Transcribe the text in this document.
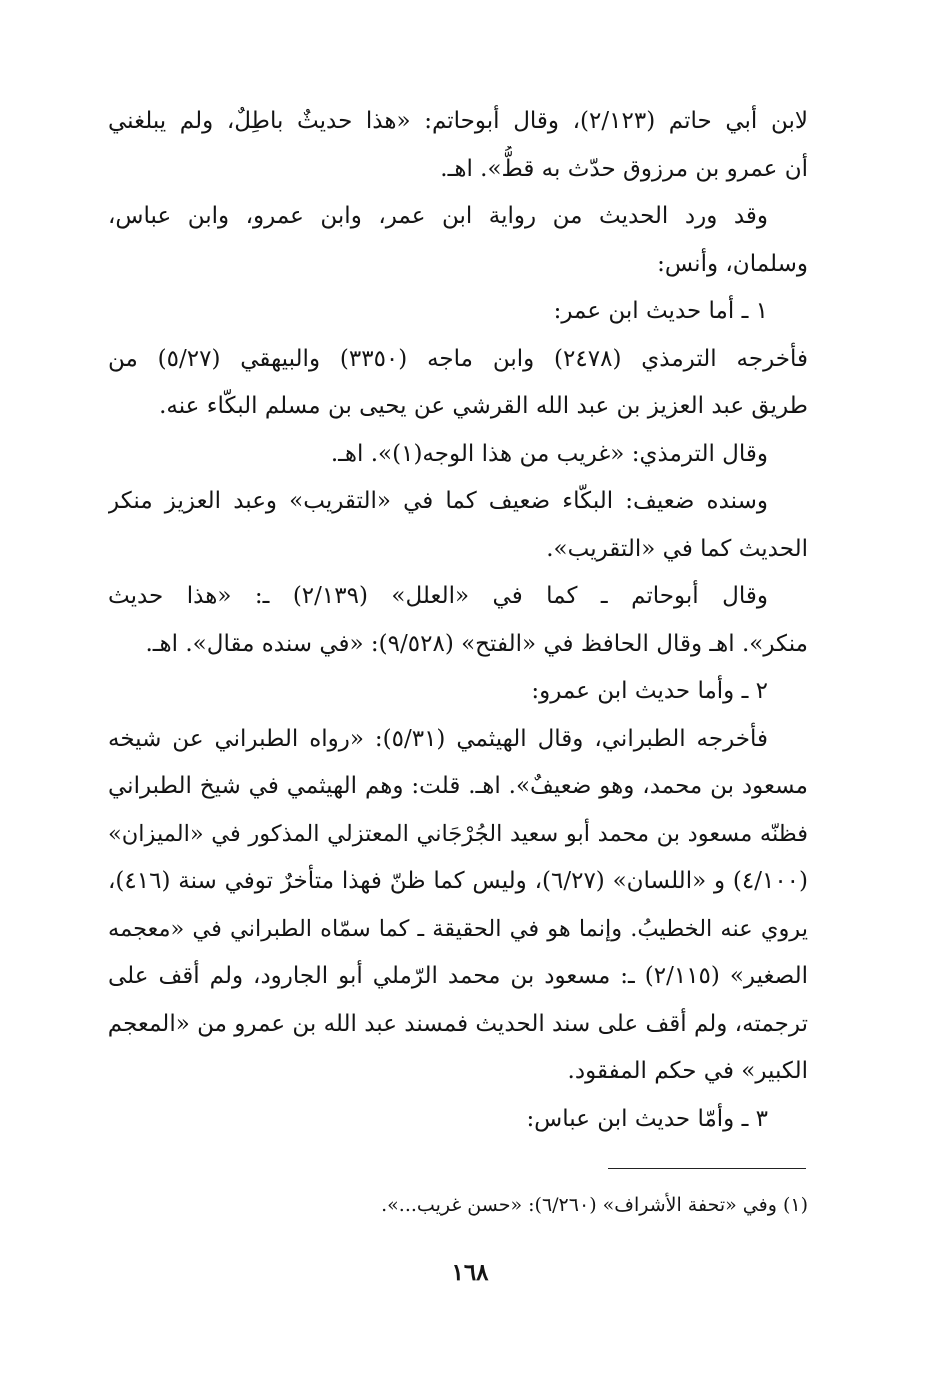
لابن أبي حاتم (٢/١٢٣)، وقال أبوحاتم: «هذا حديثٌ باطِلٌ، ولم يبلغني
أن عمرو بن مرزوق حدّث به قطُّ». اهـ.
وقد ورد الحديث من رواية ابن عمر، وابن عمرو، وابن عباس،
وسلمان، وأنس:
١ ـ أما حديث ابن عمر:
فأخرجه الترمذي (٢٤٧٨) وابن ماجه (٣٣٥٠) والبيهقي (٥/٢٧) من
طريق عبد العزيز بن عبد الله القرشي عن يحيى بن مسلم البكّاء عنه.
وقال الترمذي: «غريب من هذا الوجه(١)». اهـ.
وسنده ضعيف: البكّاء ضعيف كما في «التقريب» وعبد العزيز منكر
الحديث كما في «التقريب».
وقال أبوحاتم ـ كما في «العلل» (٢/١٣٩) ـ: «هذا حديث
منكر». اهـ وقال الحافظ في «الفتح» (٩/٥٢٨): «في سنده مقال». اهـ.
٢ ـ وأما حديث ابن عمرو:
فأخرجه الطبراني، وقال الهيثمي (٥/٣١): «رواه الطبراني عن شيخه
مسعود بن محمد، وهو ضعيفٌ». اهـ. قلت: وهم الهيثمي في شيخ الطبراني
فظنّه مسعود بن محمد أبو سعيد الجُرْجَاني المعتزلي المذكور في «الميزان»
(٤/١٠٠) و «اللسان» (٦/٢٧)، وليس كما ظنّ فهذا متأخرٌ توفي سنة (٤١٦)،
يروي عنه الخطيبُ. وإنما هو في الحقيقة ـ كما سمّاه الطبراني في «معجمه
الصغير» (٢/١١٥) ـ: مسعود بن محمد الرّملي أبو الجارود، ولم أقف على
ترجمته، ولم أقف على سند الحديث فمسند عبد الله بن عمرو من «المعجم
الكبير» في حكم المفقود.
٣ ـ وأمّا حديث ابن عباس:
(١) وفي «تحفة الأشراف» (٦/٢٦٠): «حسن غريب...».
١٦٨
